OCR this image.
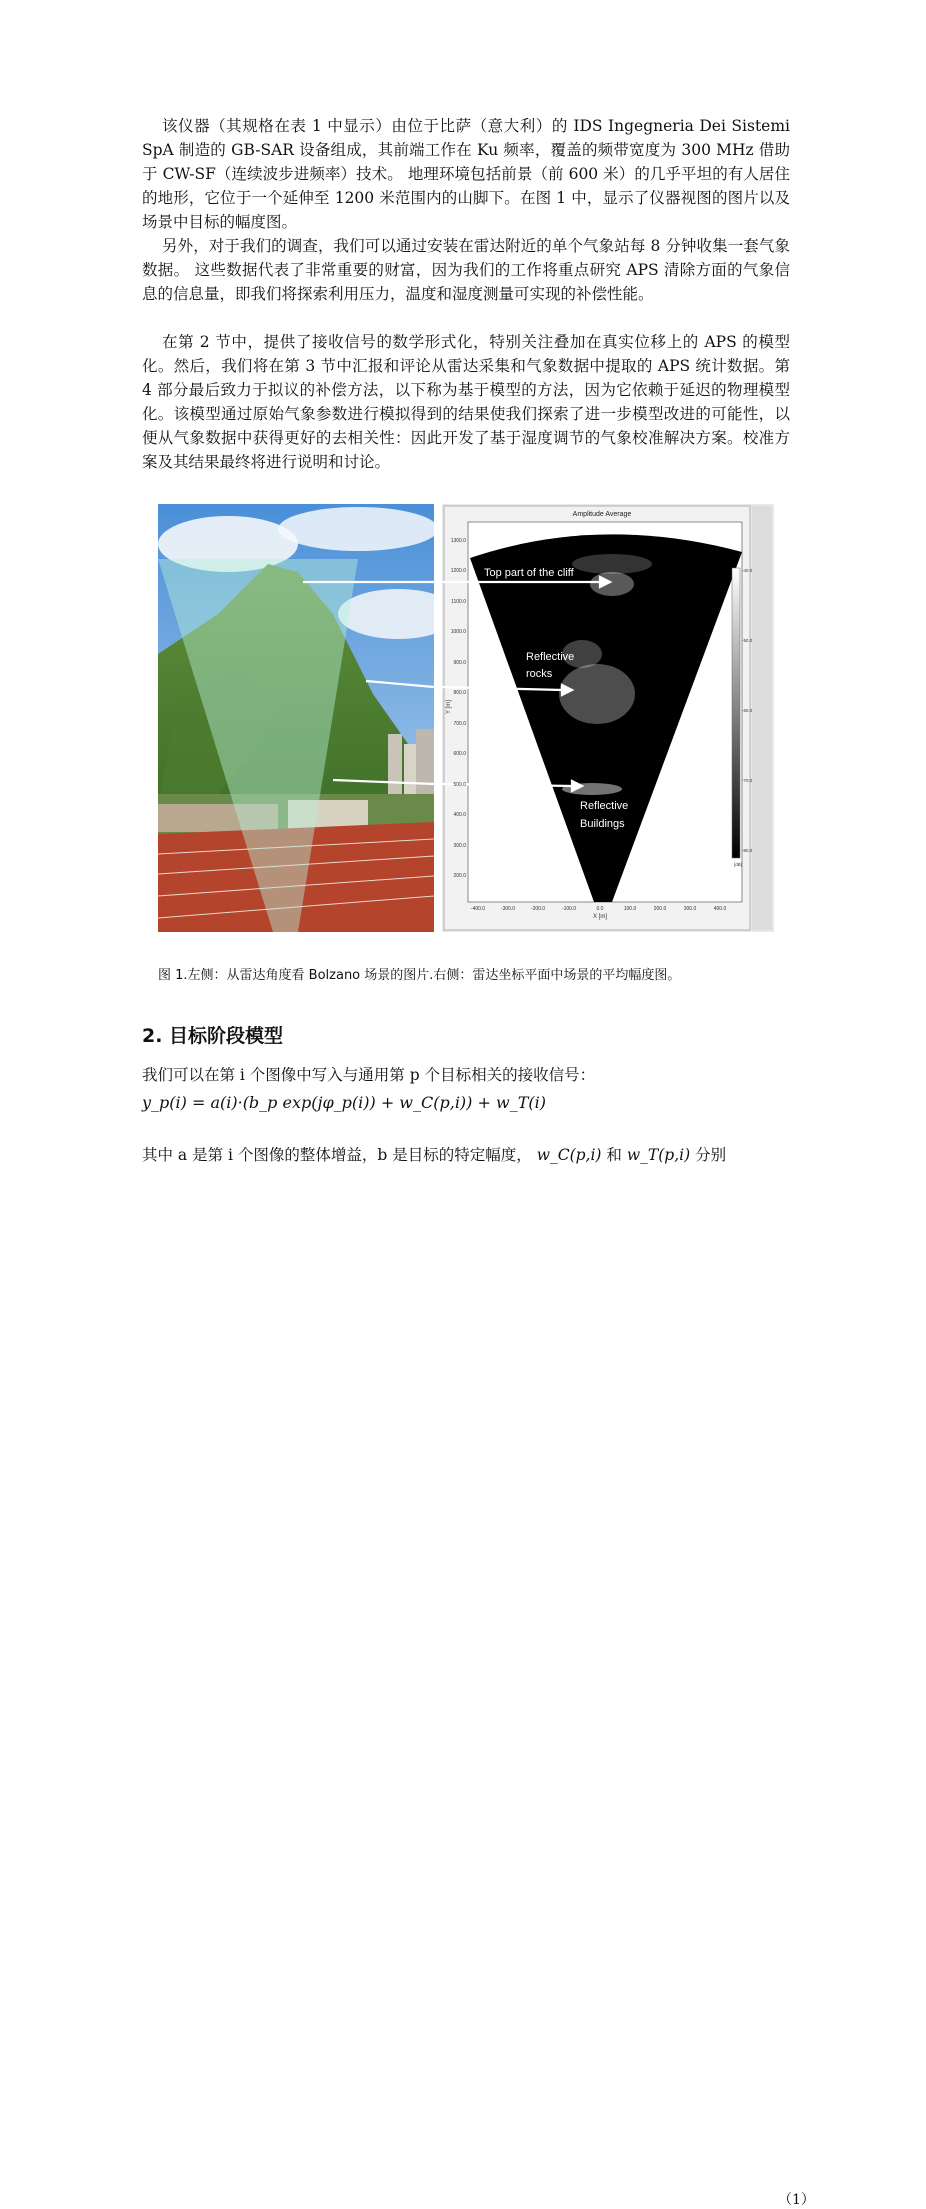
该仪器（其规格在表 1 中显示）由位于比萨（意大利）的 IDS Ingegneria Dei Sistemi SpA 制造的 GB-SAR 设备组成，其前端工作在 Ku 频率，覆盖的频带宽度为 300 MHz 借助于 CW-SF（连续波步进频率）技术。 地理环境包括前景（前 600 米）的几乎平坦的有人居住的地形，它位于一个延伸至 1200 米范围内的山脚下。在图 1 中，显示了仪器视图的图片以及场景中目标的幅度图。

另外，对于我们的调查，我们可以通过安装在雷达附近的单个气象站每 8 分钟收集一套气象数据。 这些数据代表了非常重要的财富，因为我们的工作将重点研究 APS 清除方面的气象信息的信息量，即我们将探索利用压力，温度和湿度测量可实现的补偿性能。

在第 2 节中，提供了接收信号的数学形式化，特别关注叠加在真实位移上的 APS 的模型化。然后，我们将在第 3 节中汇报和评论从雷达采集和气象数据中提取的 APS 统计数据。第 4 部分最后致力于拟议的补偿方法，以下称为基于模型的方法，因为它依赖于延迟的物理模型化。该模型通过原始气象参数进行模拟得到的结果使我们探索了进一步模型改进的可能性，以便从气象数据中获得更好的去相关性：因此开发了基于湿度调节的气象校准解决方案。校准方案及其结果最终将进行说明和讨论。

Amplitude Average
Top part of the cliff
Reflective
rocks
Reflective
Buildings
1300.0
1200.0
1100.0
1000.0
900.0
800.0
700.0
600.0
500.0
400.0
300.0
200.0
Y [m]
-400.0	-300.0	-200.0	-100.0	0.0	100.0	200.0	300.0	400.0
X [m]
-40.0
-50.0
-60.0
-70.0
-80.0
[dB]
图 1.左侧：从雷达角度看 Bolzano 场景的图片.右侧：雷达坐标平面中场景的平均幅度图。
2. 目标阶段模型
我们可以在第 i 个图像中写入与通用第 p 个目标相关的接收信号：
y_p(i) = a(i)·(b_p exp(jφ_p(i)) + w_C(p,i)) + w_T(i)
（1）
其中 a 是第 i 个图像的整体增益，b 是目标的特定幅度， w_C(p,i) 和 w_T(p,i) 分别
